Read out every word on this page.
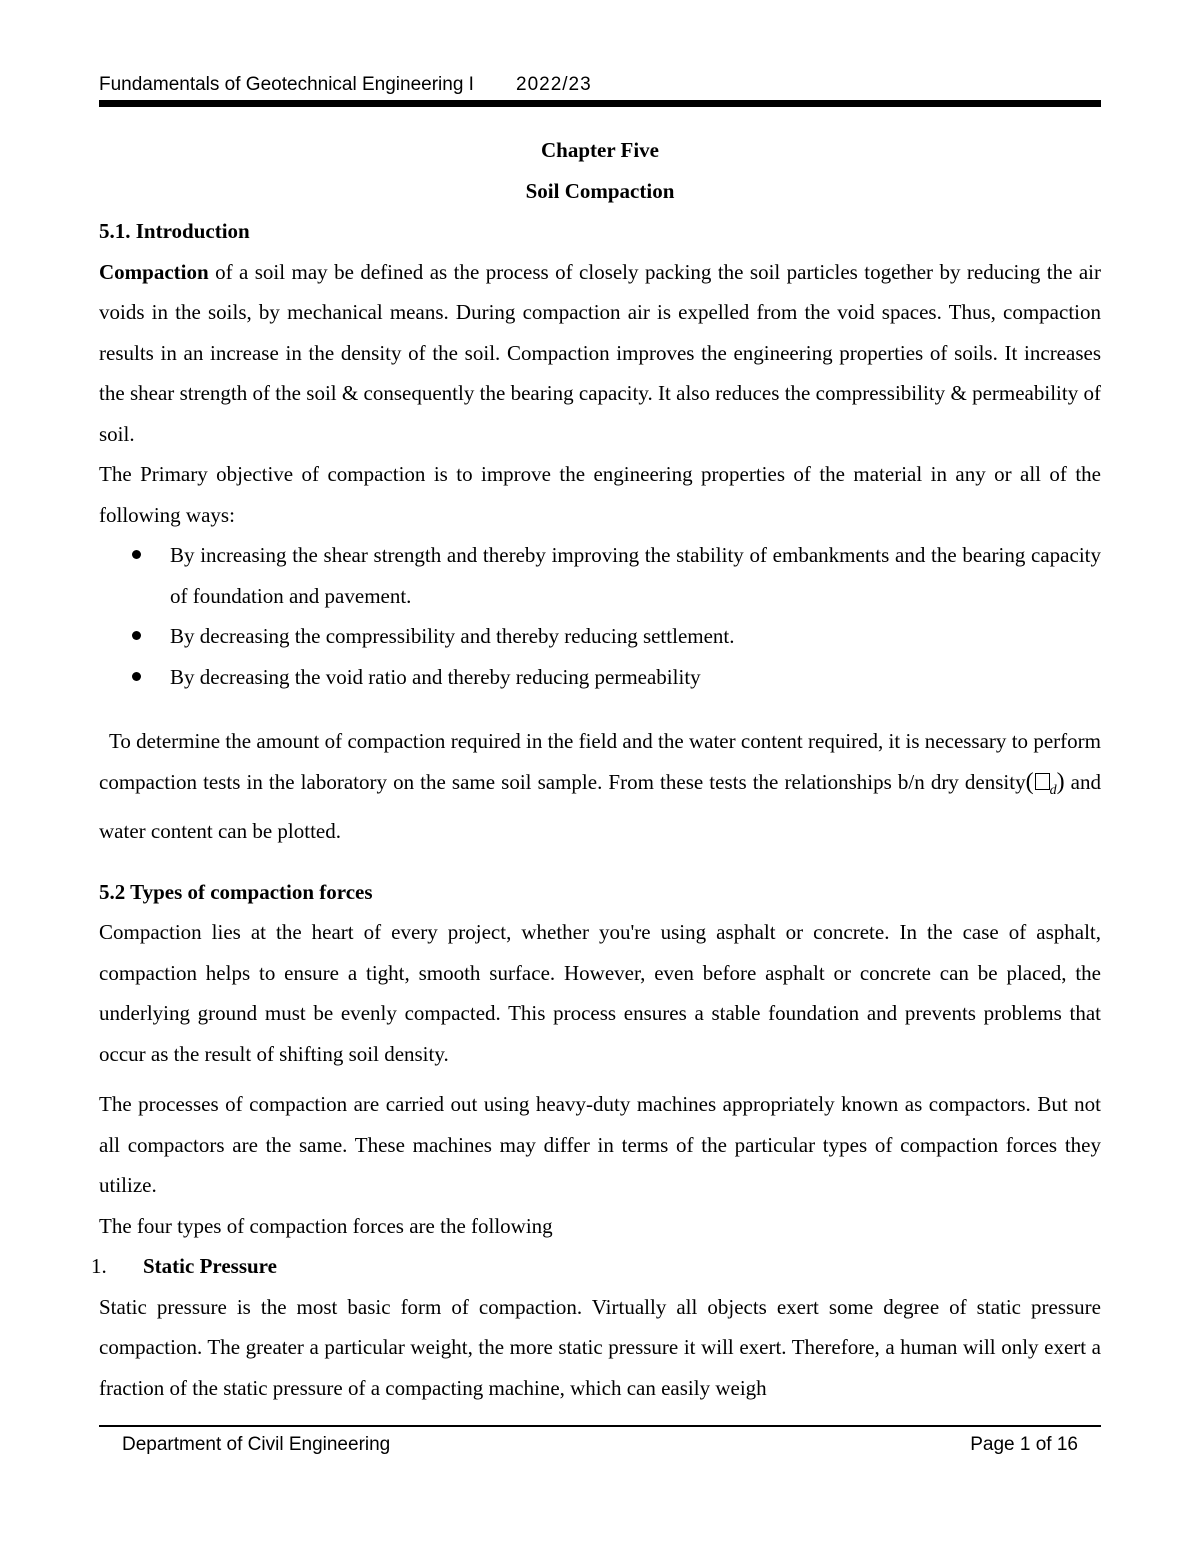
Fundamentals of Geotechnical Engineering I 2022/23

Chapter Five

Soil Compaction

5.1. Introduction

Compaction of a soil may be defined as the process of closely packing the soil particles together by reducing the air voids in the soils, by mechanical means. During compaction air is expelled from the void spaces. Thus, compaction results in an increase in the density of the soil. Compaction improves the engineering properties of soils. It increases the shear strength of the soil & consequently the bearing capacity. It also reduces the compressibility & permeability of soil.

The Primary objective of compaction is to improve the engineering properties of the material in any or all of the following ways:

By increasing the shear strength and thereby improving the stability of embankments and the bearing capacity of foundation and pavement.
By decreasing the compressibility and thereby reducing settlement.
By decreasing the void ratio and thereby reducing permeability

To determine the amount of compaction required in the field and the water content required, it is necessary to perform compaction tests in the laboratory on the same soil sample. From these tests the relationships b/n dry density( $_d$) and water content can be plotted.

5.2 Types of compaction forces

Compaction lies at the heart of every project, whether you're using asphalt or concrete. In the case of asphalt, compaction helps to ensure a tight, smooth surface. However, even before asphalt or concrete can be placed, the underlying ground must be evenly compacted. This process ensures a stable foundation and prevents problems that occur as the result of shifting soil density.

The processes of compaction are carried out using heavy-duty machines appropriately known as compactors. But not all compactors are the same. These machines may differ in terms of the particular types of compaction forces they utilize.

The four types of compaction forces are the following

1. Static Pressure

Static pressure is the most basic form of compaction. Virtually all objects exert some degree of static pressure compaction. The greater a particular weight, the more static pressure it will exert. Therefore, a human will only exert a fraction of the static pressure of a compacting machine, which can easily weigh

Department of Civil Engineering	Page 1 of 16
